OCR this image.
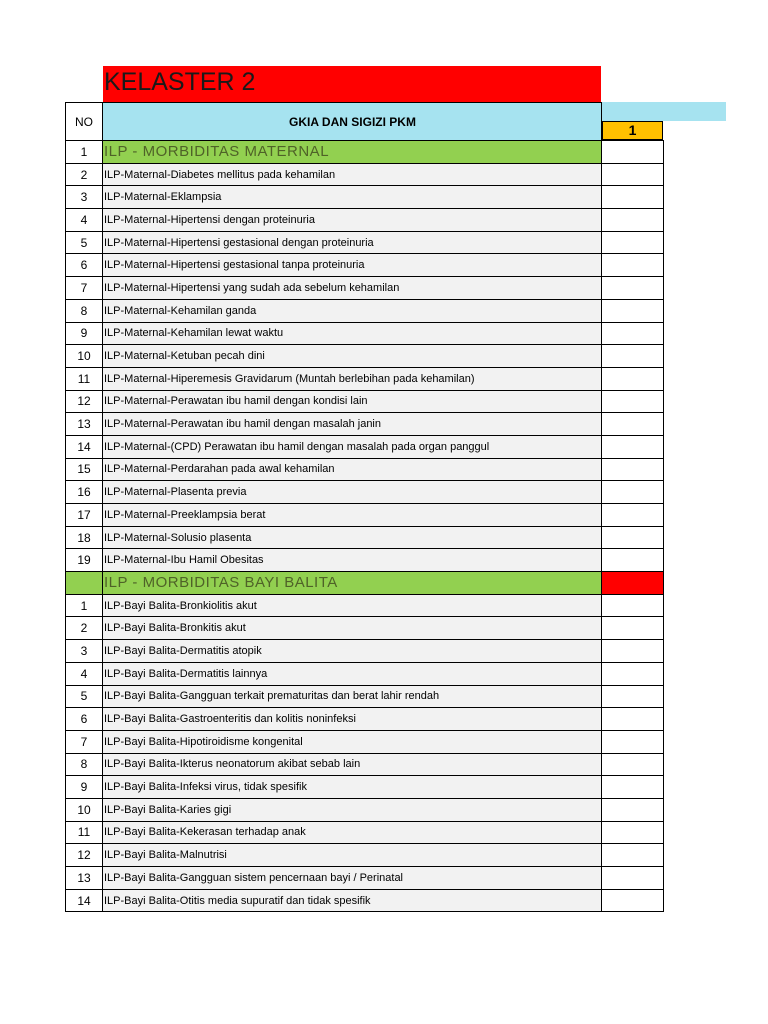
KELASTER 2
1
NO	GKIA DAN SIGIZI PKM	
1	ILP - MORBIDITAS MATERNAL	
2	ILP-Maternal-Diabetes mellitus pada kehamilan	
3	ILP-Maternal-Eklampsia	
4	ILP-Maternal-Hipertensi dengan proteinuria	
5	ILP-Maternal-Hipertensi gestasional dengan proteinuria	
6	ILP-Maternal-Hipertensi gestasional tanpa proteinuria	
7	ILP-Maternal-Hipertensi yang sudah ada sebelum kehamilan	
8	ILP-Maternal-Kehamilan ganda	
9	ILP-Maternal-Kehamilan lewat waktu	
10	ILP-Maternal-Ketuban pecah dini	
11	ILP-Maternal-Hiperemesis Gravidarum (Muntah berlebihan pada kehamilan)	
12	ILP-Maternal-Perawatan ibu hamil dengan kondisi lain	
13	ILP-Maternal-Perawatan ibu hamil dengan masalah janin	
14	ILP-Maternal-(CPD) Perawatan ibu hamil dengan masalah pada organ panggul	
15	ILP-Maternal-Perdarahan pada awal kehamilan	
16	ILP-Maternal-Plasenta previa	
17	ILP-Maternal-Preeklampsia berat	
18	ILP-Maternal-Solusio plasenta	
19	ILP-Maternal-Ibu Hamil Obesitas	
	ILP - MORBIDITAS BAYI BALITA	
1	ILP-Bayi Balita-Bronkiolitis akut	
2	ILP-Bayi Balita-Bronkitis akut	
3	ILP-Bayi Balita-Dermatitis atopik	
4	ILP-Bayi Balita-Dermatitis lainnya	
5	ILP-Bayi Balita-Gangguan terkait prematuritas dan berat lahir rendah	
6	ILP-Bayi Balita-Gastroenteritis dan kolitis noninfeksi	
7	ILP-Bayi Balita-Hipotiroidisme kongenital	
8	ILP-Bayi Balita-Ikterus neonatorum akibat sebab lain	
9	ILP-Bayi Balita-Infeksi virus, tidak spesifik	
10	ILP-Bayi Balita-Karies gigi	
11	ILP-Bayi Balita-Kekerasan terhadap anak	
12	ILP-Bayi Balita-Malnutrisi	
13	ILP-Bayi Balita-Gangguan sistem pencernaan bayi / Perinatal	
14	ILP-Bayi Balita-Otitis media supuratif dan tidak spesifik	
